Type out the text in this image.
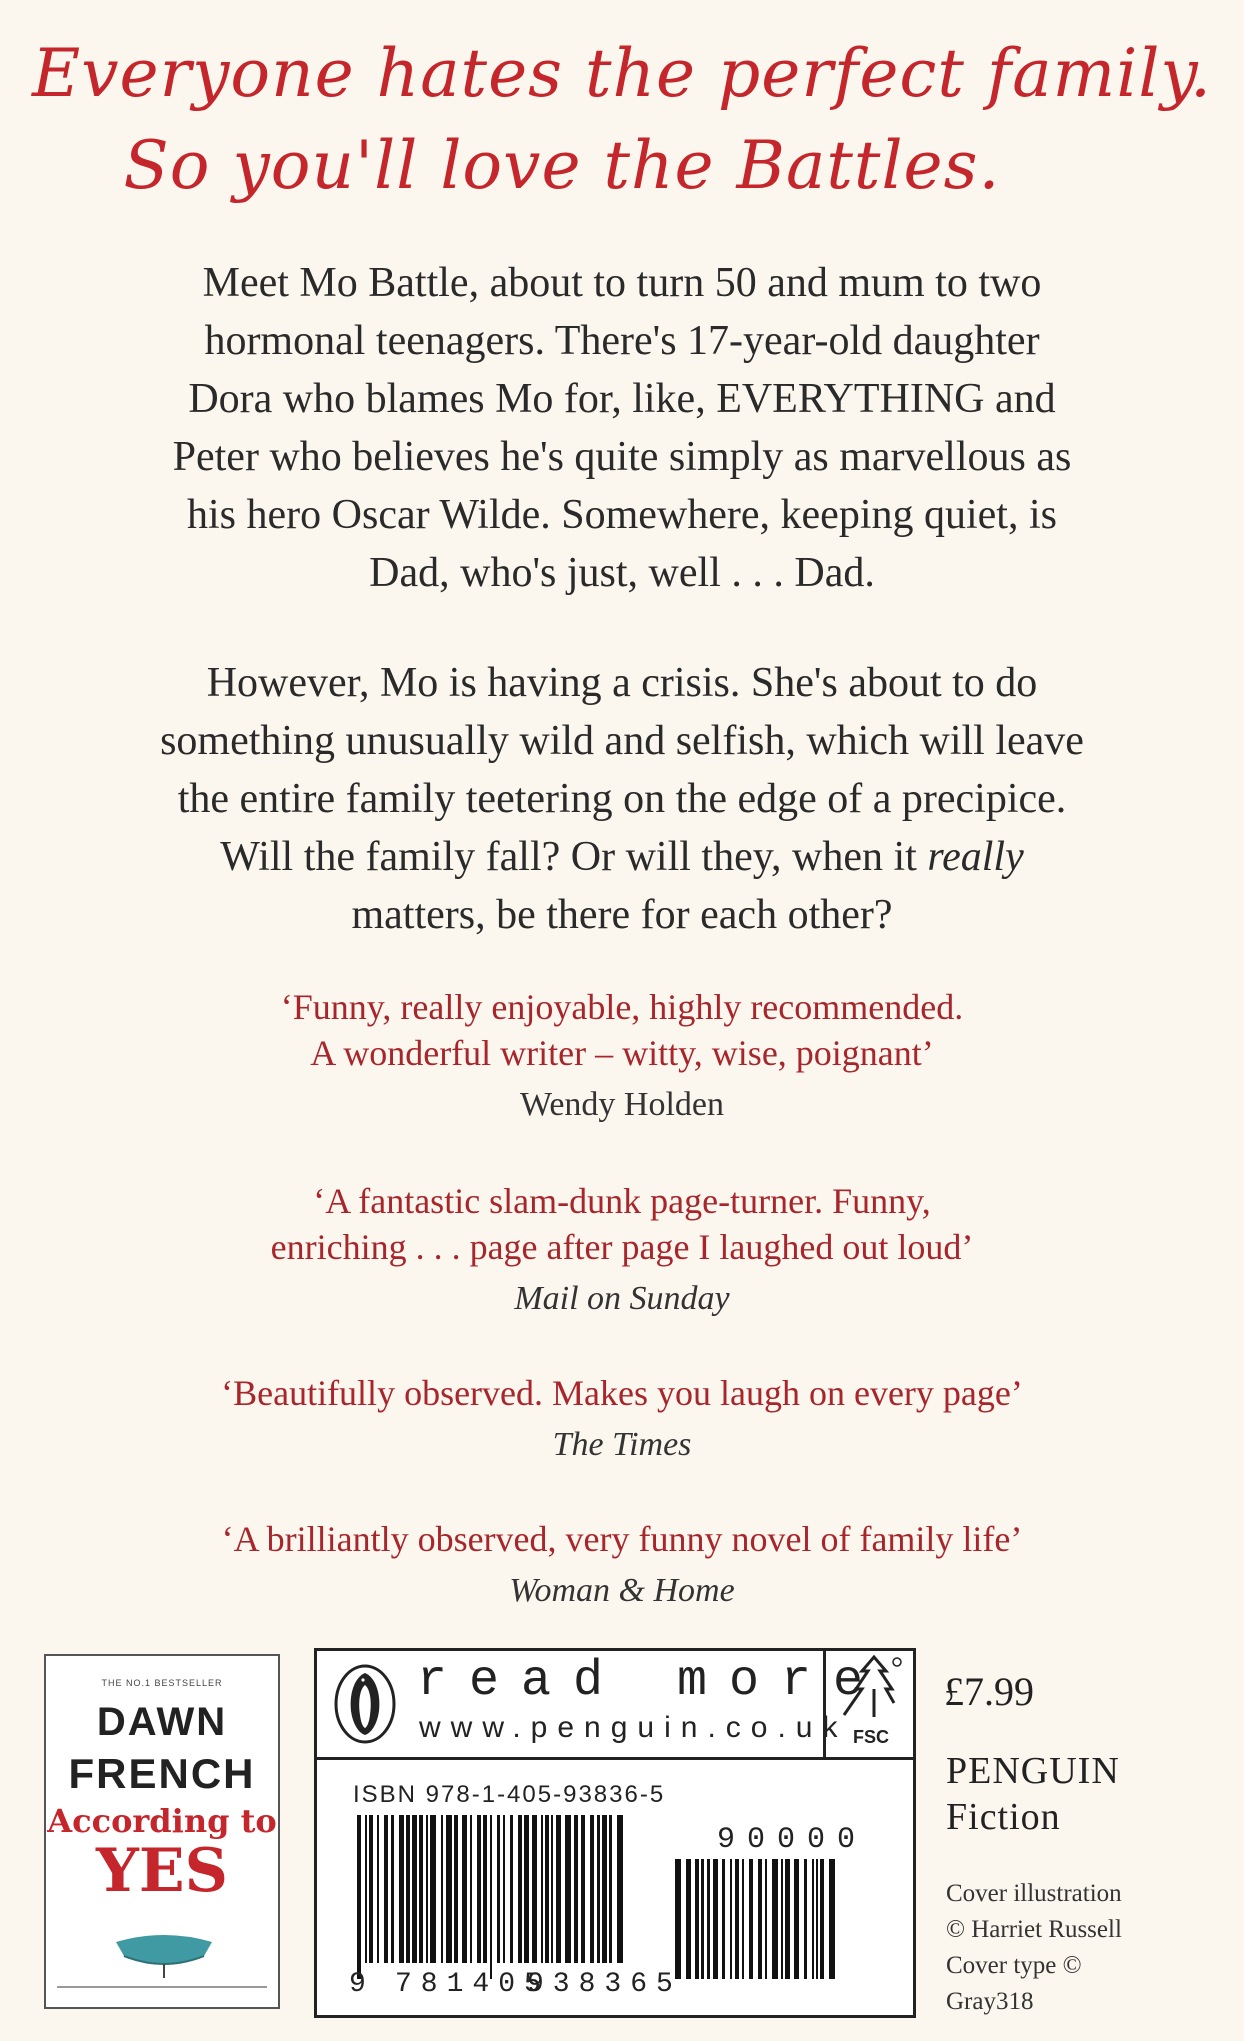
Everyone hates the perfect family.
So you'll love the Battles.
Meet Mo Battle, about to turn 50 and mum to two
hormonal teenagers. There's 17-year-old daughter
Dora who blames Mo for, like, EVERYTHING and
Peter who believes he's quite simply as marvellous as
his hero Oscar Wilde. Somewhere, keeping quiet, is
Dad, who's just, well . . . Dad.
However, Mo is having a crisis. She's about to do
something unusually wild and selfish, which will leave
the entire family teetering on the edge of a precipice.
Will the family fall? Or will they, when it really
matters, be there for each other?
‘Funny, really enjoyable, highly recommended.
A wonderful writer – witty, wise, poignant’
Wendy Holden
‘A fantastic slam-dunk page-turner. Funny,
enriching . . . page after page I laughed out loud’
Mail on Sunday
‘Beautifully observed. Makes you laugh on every page’
The Times
‘A brilliantly observed, very funny novel of family life’
Woman & Home
THE NO.1 BESTSELLER
DAWN
FRENCH
According to
YES
read more
www.penguin.co.uk FSC
ISBN 978-1-405-93836-5
9 781405
938365
90000
£7.99
PENGUIN
Fiction
Cover illustration
© Harriet Russell
Cover type ©
Gray318
